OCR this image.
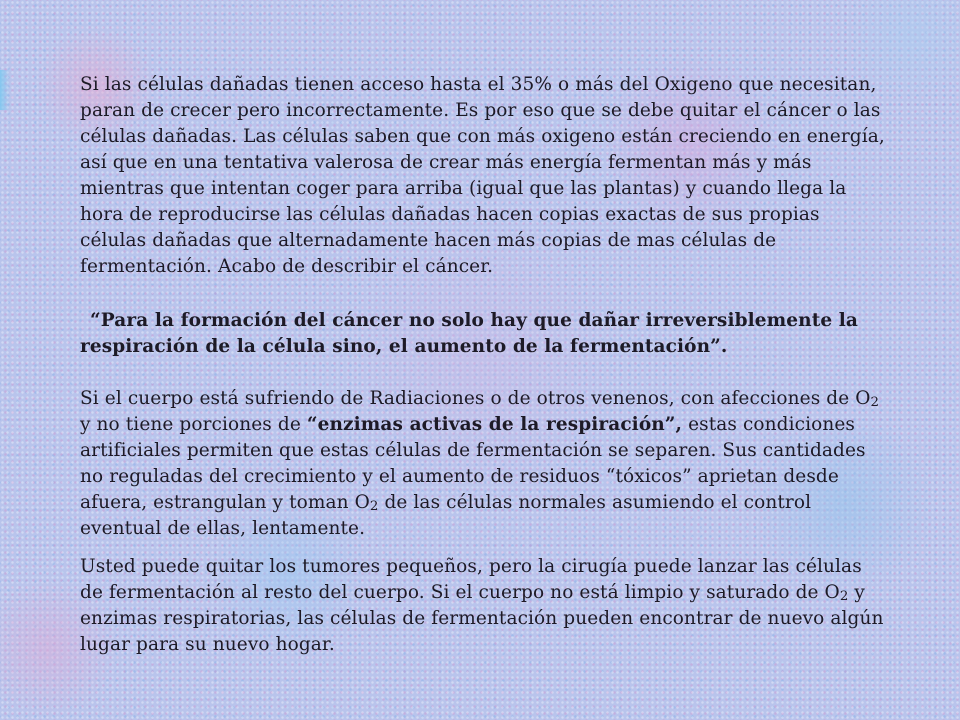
Si las células dañadas tienen acceso hasta el 35% o más del Oxigeno que necesitan, paran de crecer pero incorrectamente. Es por eso que se debe quitar el cáncer o las células dañadas. Las células saben que con más oxigeno están creciendo en energía, así que en una tentativa valerosa de crear más energía fermentan más y más mientras que intentan coger para arriba (igual que las plantas) y cuando llega la hora de reproducirse las células dañadas hacen copias exactas de sus propias células dañadas que alternadamente hacen más copias de mas células de fermentación. Acabo de describir el cáncer.

“Para la formación del cáncer no solo hay que dañar irreversiblemente la respiración de la célula sino, el aumento de la fermentación”.

Si el cuerpo está sufriendo de Radiaciones o de otros venenos, con afecciones de $O_2$ y no tiene porciones de “enzimas activas de la respiración”, estas condiciones artificiales permiten que estas células de fermentación se separen. Sus cantidades no reguladas del crecimiento y el aumento de residuos “tóxicos” aprietan desde afuera, estrangulan y toman $O_2$ de las células normales asumiendo el control eventual de ellas, lentamente.

Usted puede quitar los tumores pequeños, pero la cirugía puede lanzar las células de fermentación al resto del cuerpo. Si el cuerpo no está limpio y saturado de $O_2$ y enzimas respiratorias, las células de fermentación pueden encontrar de nuevo algún lugar para su nuevo hogar.
